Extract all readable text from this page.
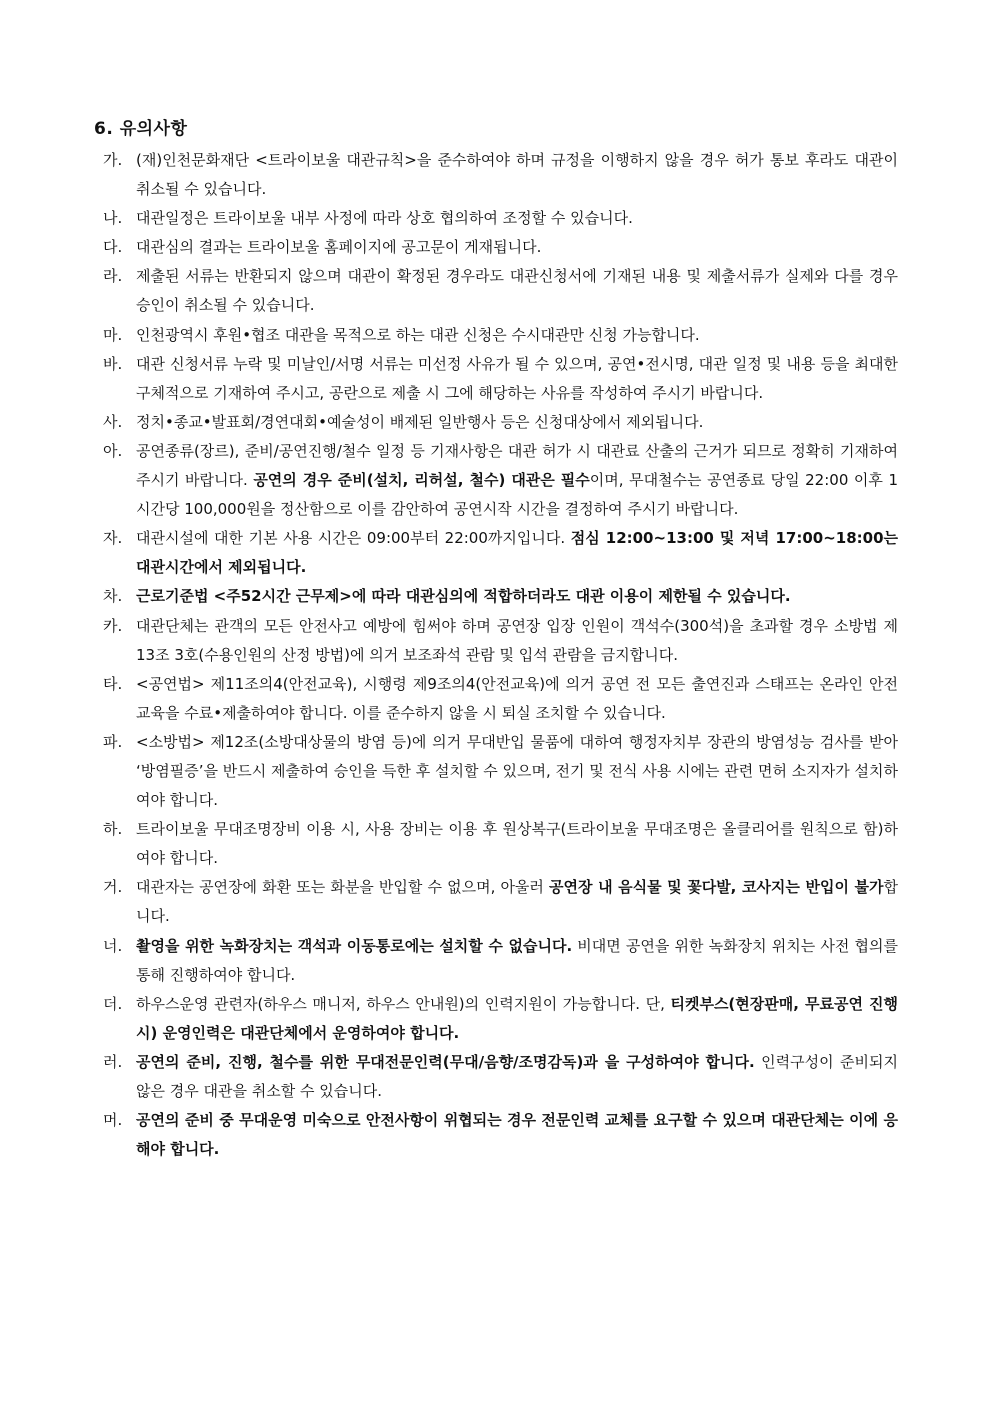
6. 유의사항
가. (재)인천문화재단 <트라이보울 대관규칙>을 준수하여야 하며 규정을 이행하지 않을 경우 허가 통보 후라도 대관이 취소될 수 있습니다.
나. 대관일정은 트라이보울 내부 사정에 따라 상호 협의하여 조정할 수 있습니다.
다. 대관심의 결과는 트라이보울 홈페이지에 공고문이 게재됩니다.
라. 제출된 서류는 반환되지 않으며 대관이 확정된 경우라도 대관신청서에 기재된 내용 및 제출서류가 실제와 다를 경우 승인이 취소될 수 있습니다.
마. 인천광역시 후원•협조 대관을 목적으로 하는 대관 신청은 수시대관만 신청 가능합니다.
바. 대관 신청서류 누락 및 미날인/서명 서류는 미선정 사유가 될 수 있으며, 공연•전시명, 대관 일정 및 내용 등을 최대한 구체적으로 기재하여 주시고, 공란으로 제출 시 그에 해당하는 사유를 작성하여 주시기 바랍니다.
사. 정치•종교•발표회/경연대회•예술성이 배제된 일반행사 등은 신청대상에서 제외됩니다.
아. 공연종류(장르), 준비/공연진행/철수 일정 등 기재사항은 대관 허가 시 대관료 산출의 근거가 되므로 정확히 기재하여 주시기 바랍니다. 공연의 경우 준비(설치, 리허설, 철수) 대관은 필수이며, 무대철수는 공연종료 당일 22:00 이후 1시간당 100,000원을 정산함으로 이를 감안하여 공연시작 시간을 결정하여 주시기 바랍니다.
자. 대관시설에 대한 기본 사용 시간은 09:00부터 22:00까지입니다. 점심 12:00~13:00 및 저녁 17:00~18:00는 대관시간에서 제외됩니다.
차. 근로기준법 <주52시간 근무제>에 따라 대관심의에 적합하더라도 대관 이용이 제한될 수 있습니다.
카. 대관단체는 관객의 모든 안전사고 예방에 힘써야 하며 공연장 입장 인원이 객석수(300석)을 초과할 경우 소방법 제13조 3호(수용인원의 산정 방법)에 의거 보조좌석 관람 및 입석 관람을 금지합니다.
타. <공연법> 제11조의4(안전교육), 시행령 제9조의4(안전교육)에 의거 공연 전 모든 출연진과 스태프는 온라인 안전교육을 수료•제출하여야 합니다. 이를 준수하지 않을 시 퇴실 조치할 수 있습니다.
파. <소방법> 제12조(소방대상물의 방염 등)에 의거 무대반입 물품에 대하여 행정자치부 장관의 방염성능 검사를 받아 ‘방염필증’을 반드시 제출하여 승인을 득한 후 설치할 수 있으며, 전기 및 전식 사용 시에는 관련 면허 소지자가 설치하여야 합니다.
하. 트라이보울 무대조명장비 이용 시, 사용 장비는 이용 후 원상복구(트라이보울 무대조명은 올클리어를 원칙으로 함)하여야 합니다.
거. 대관자는 공연장에 화환 또는 화분을 반입할 수 없으며, 아울러 공연장 내 음식물 및 꽃다발, 코사지는 반입이 불가합니다.
너. 촬영을 위한 녹화장치는 객석과 이동통로에는 설치할 수 없습니다. 비대면 공연을 위한 녹화장치 위치는 사전 협의를 통해 진행하여야 합니다.
더. 하우스운영 관련자(하우스 매니저, 하우스 안내원)의 인력지원이 가능합니다. 단, 티켓부스(현장판매, 무료공연 진행 시) 운영인력은 대관단체에서 운영하여야 합니다.
러. 공연의 준비, 진행, 철수를 위한 무대전문인력(무대/음향/조명감독)과 을 구성하여야 합니다. 인력구성이 준비되지 않은 경우 대관을 취소할 수 있습니다.
머. 공연의 준비 중 무대운영 미숙으로 안전사항이 위협되는 경우 전문인력 교체를 요구할 수 있으며 대관단체는 이에 응해야 합니다.
